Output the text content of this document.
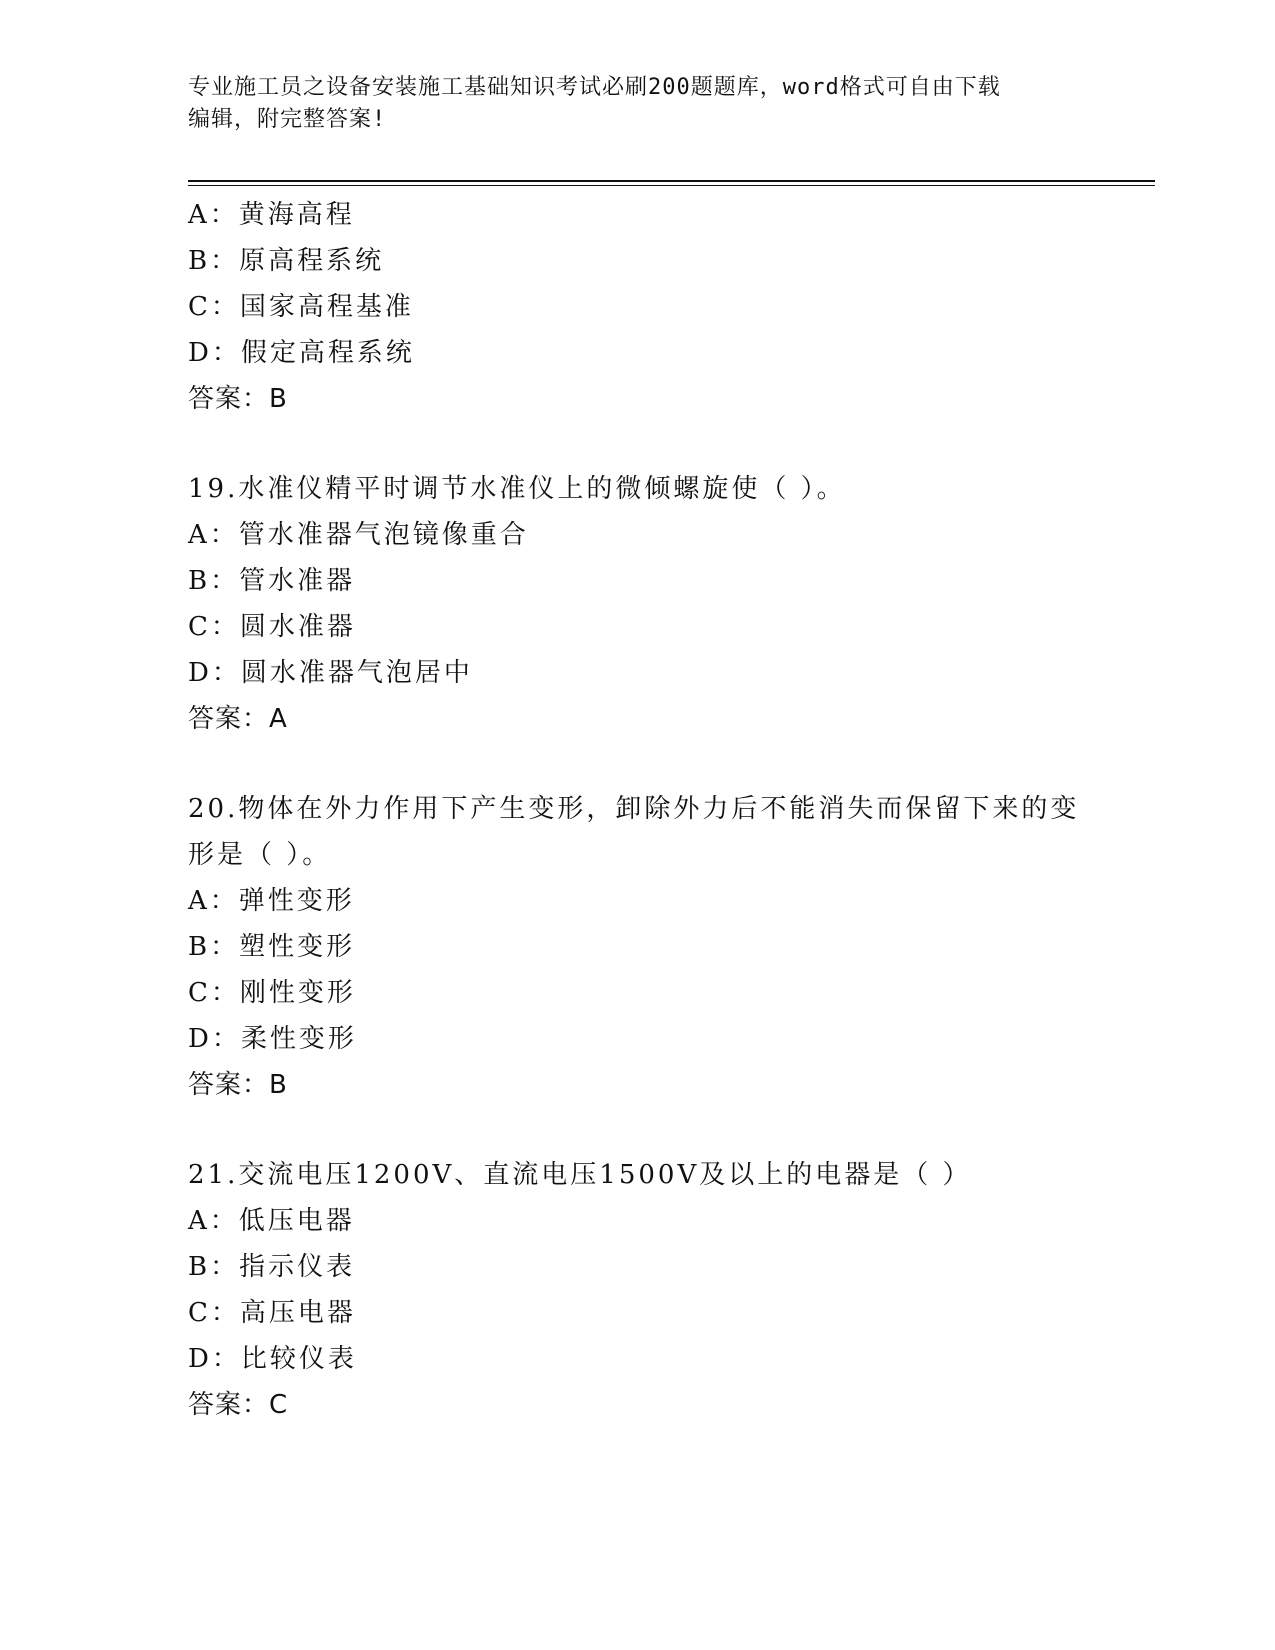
专业施工员之设备安装施工基础知识考试必刷200题题库，word格式可自由下载
编辑，附完整答案!
A：黄海高程
B：原高程系统
C：国家高程基准
D：假定高程系统
答案：B
19.水准仪精平时调节水准仪上的微倾螺旋使（ ）。
A：管水准器气泡镜像重合
B：管水准器
C：圆水准器
D：圆水准器气泡居中
答案：A
20.物体在外力作用下产生变形，卸除外力后不能消失而保留下来的变
形是（ ）。
A：弹性变形
B：塑性变形
C：刚性变形
D：柔性变形
答案：B
21.交流电压1200V、直流电压1500V及以上的电器是（ ）
A：低压电器
B：指示仪表
C：高压电器
D：比较仪表
答案：C
